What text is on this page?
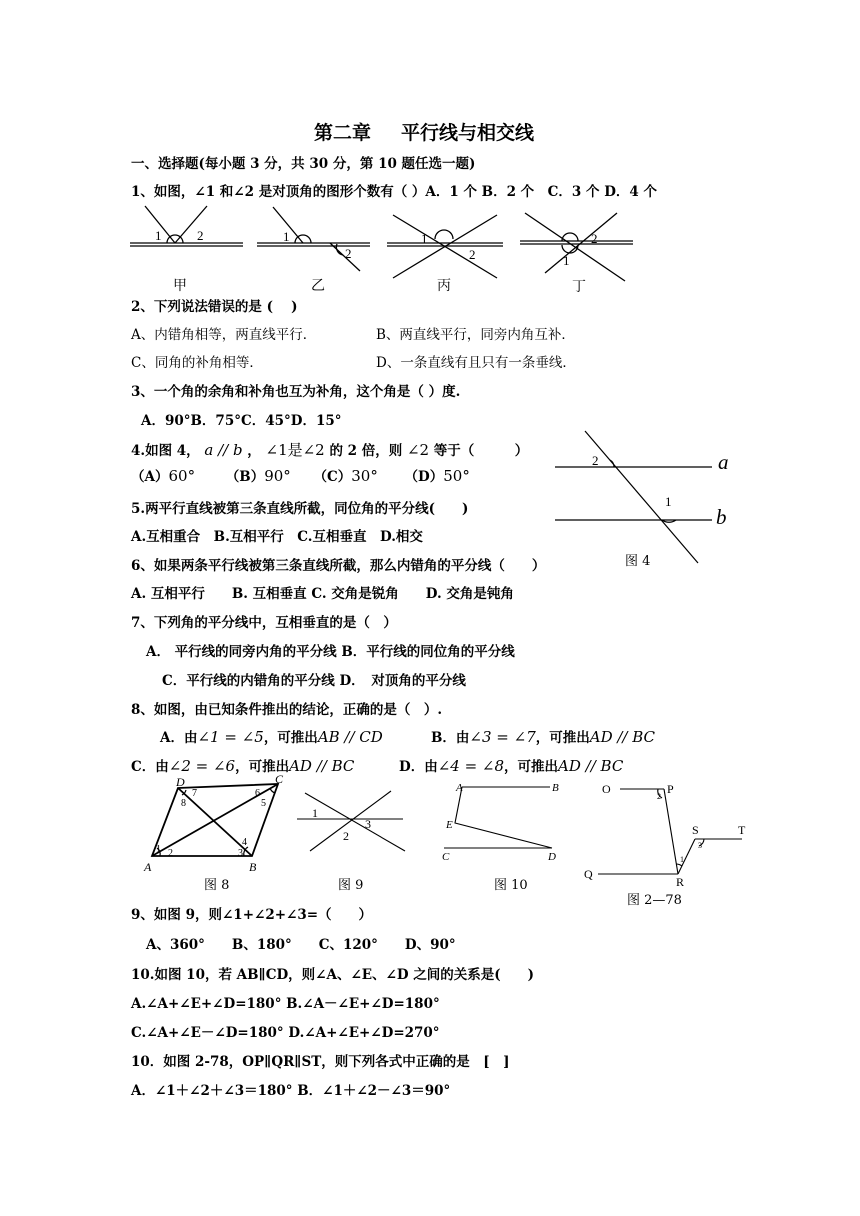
第二章 平行线与相交线
一、选择题(每小题 3 分，共 30 分，第 10 题任选一题)
1、如图，∠1 和∠2 是对顶角的图形个数有（ ）A．1 个 B．2 个　C．3 个 D．4 个
1	2
甲
1
2
乙
1
2
丙
2
1
丁
2、下列说法错误的是 (　 )
A、内错角相等，两直线平行．	B、两直线平行，同旁内角互补．
C、同角的补角相等．	D、一条直线有且只有一条垂线．
3、一个角的余角和补角也互为补角，这个角是（ ）度.
A．90°B．75°C．45°D．15°
4.如图 4， a // b ， ∠1是∠2 的 2 倍，则 ∠2 等于（　　　）
（A）60° （B）90° （C）30° （D）50°
a
b
2
1
图 4
5.两平行直线被第三条直线所截，同位角的平分线(　　)
A.互相重合　B.互相平行　C.互相垂直　D.相交
6、如果两条平行线被第三条直线所截，那么内错角的平分线（　　）
A. 互相平行　　B. 互相垂直 C. 交角是锐角　　D. 交角是钝角
7、下列角的平分线中，互相垂直的是（　）
A． 平行线的同旁内角的平分线 B．平行线的同位角的平分线
C．平行线的内错角的平分线 D．　对顶角的平分线
8、如图，由已知条件推出的结论，正确的是（　）.
A．由∠1 = ∠5，可推出AB // CD	B．由∠3 = ∠7，可推出AD // BC
C．由∠2 = ∠6，可推出AD // BC	D．由∠4 = ∠8，可推出AD // BC
D	C
A	B
8
7	6
5
1 2	3
4
图 8
1
2
3
图 9
A	B
E
C	D
图 10
O	P
Q
R
S	T
2
1
3
图 2—78
9、如图 9，则∠1+∠2+∠3=（　　）
A、360°　　B、180°　　C、120°　　D、90°
10.如图 10，若 AB∥CD，则∠A、∠E、∠D 之间的关系是(　　)
A.∠A+∠E+∠D=180° B.∠A－∠E+∠D=180°
C.∠A+∠E－∠D=180° D.∠A+∠E+∠D=270°
10．如图 2-78，OP∥QR∥ST，则下列各式中正确的是　[　]
A．∠1＋∠2＋∠3＝180° B．∠1＋∠2－∠3＝90°
